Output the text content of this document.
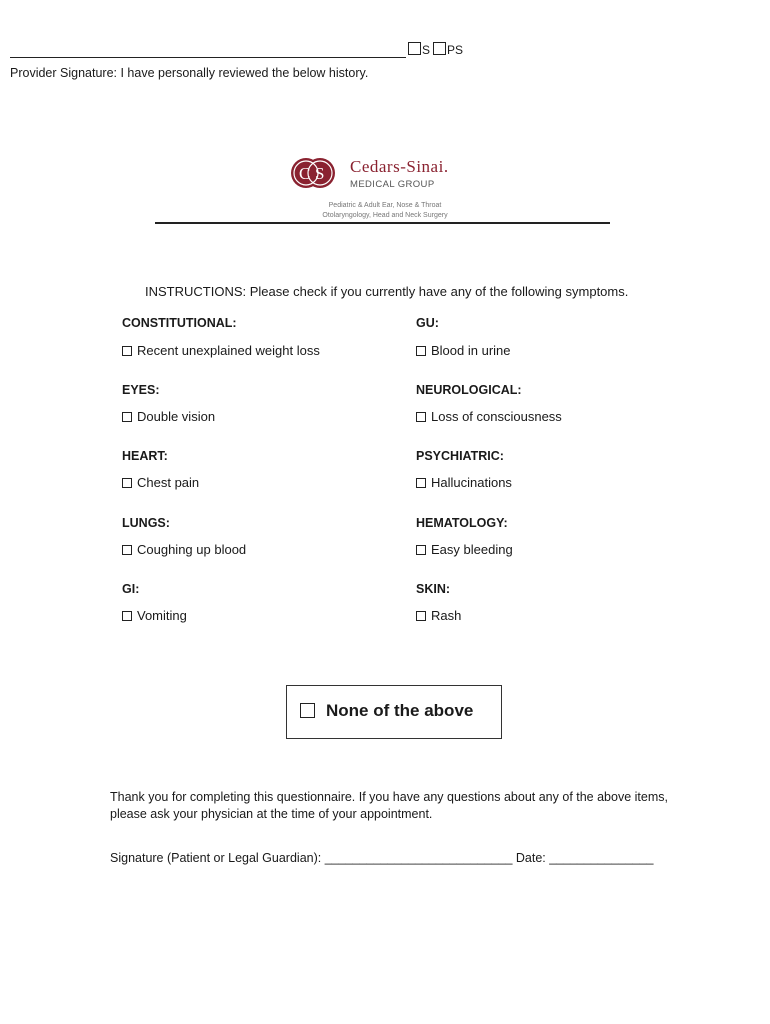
S PS
Provider Signature: I have personally reviewed the below history.
C S Cedars-Sinai.
MEDICAL GROUP
Pediatric & Adult Ear, Nose & Throat
Otolaryngology, Head and Neck Surgery
INSTRUCTIONS: Please check if you currently have any of the following symptoms.
CONSTITUTIONAL:
Recent unexplained weight loss
EYES:
Double vision
HEART:
Chest pain
LUNGS:
Coughing up blood
GI:
Vomiting
GU:
Blood in urine
NEUROLOGICAL:
Loss of consciousness
PSYCHIATRIC:
Hallucinations
HEMATOLOGY:
Easy bleeding
SKIN:
Rash
None of the above
Thank you for completing this questionnaire. If you have any questions about any of the above items, please ask your physician at the time of your appointment.
Signature (Patient or Legal Guardian): ___________________________ Date: _______________
